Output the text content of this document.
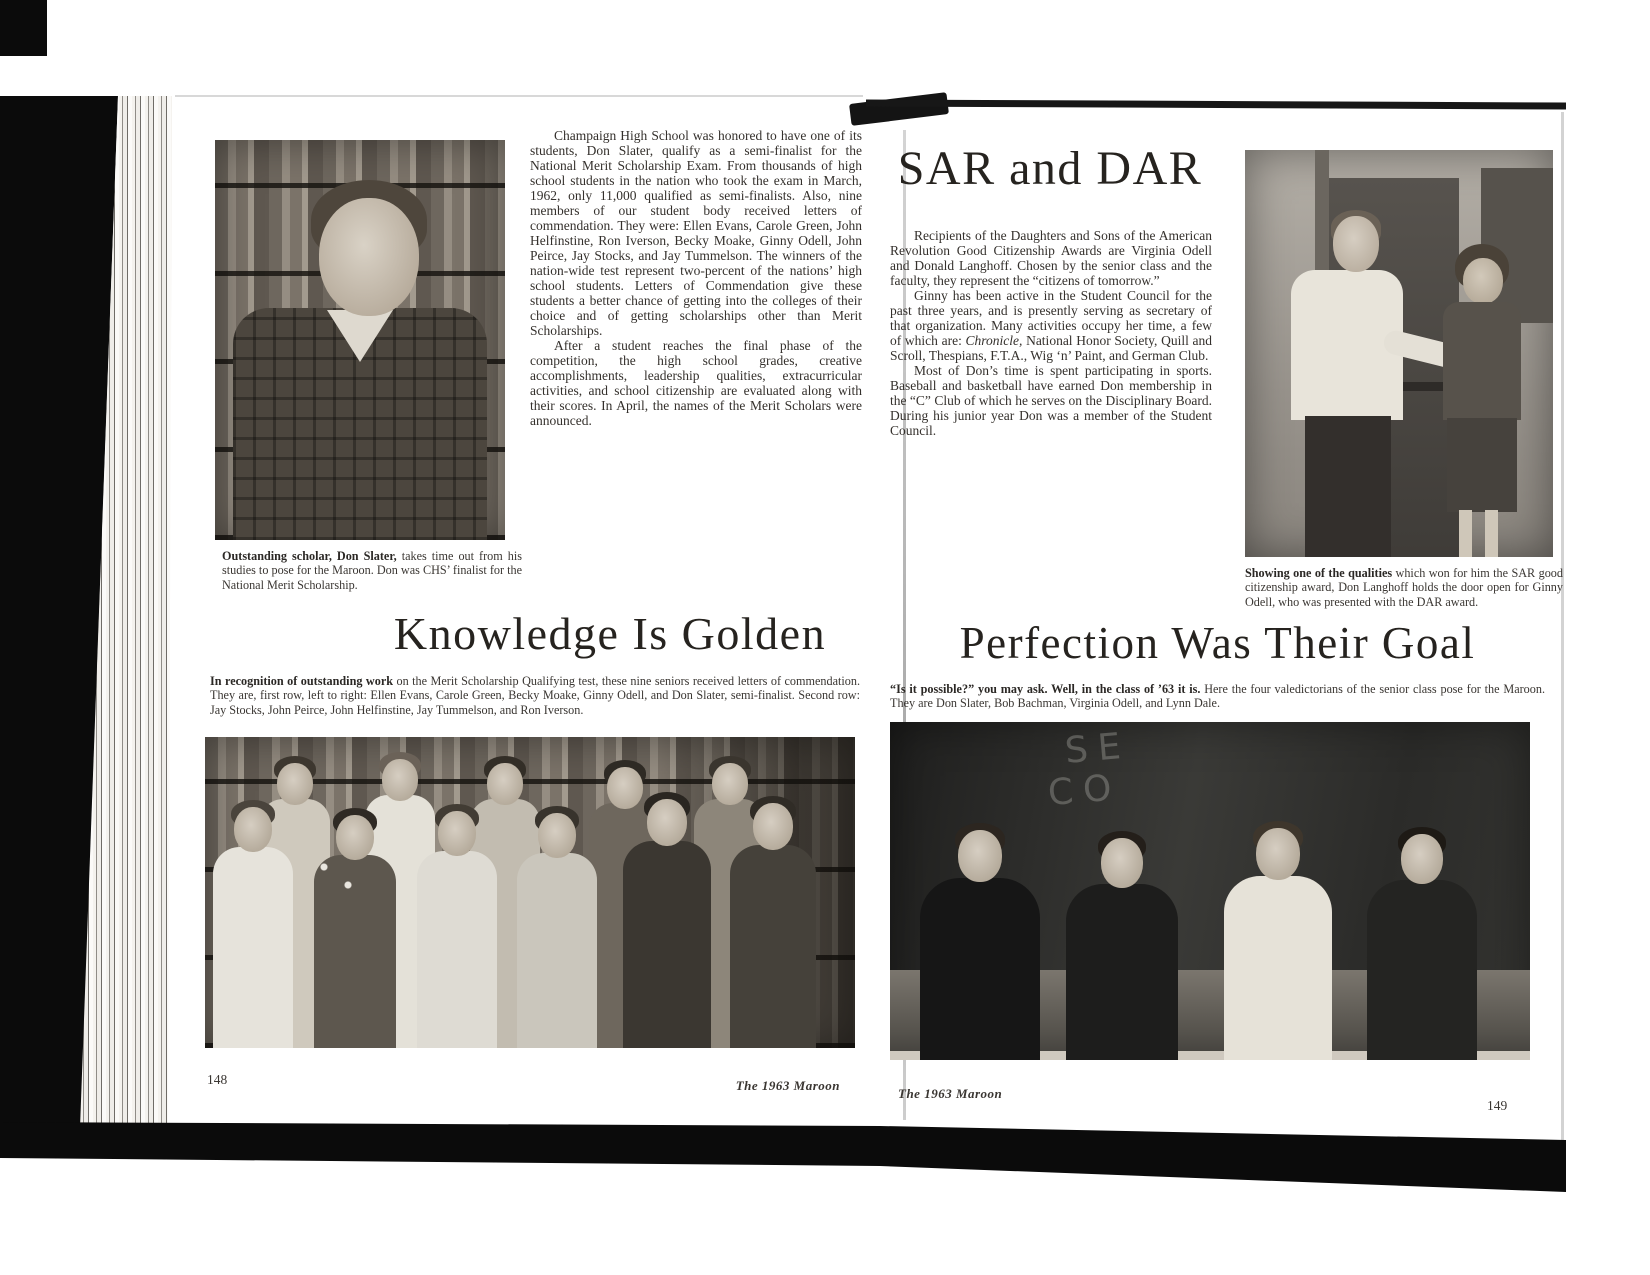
Champaign High School was honored to have one of its students, Don Slater, qualify as a semi-finalist for the National Merit Scholarship Exam. From thousands of high school students in the nation who took the exam in March, 1962, only 11,000 qualified as semi-finalists. Also, nine members of our student body received letters of commendation. They were: Ellen Evans, Carole Green, John Helfinstine, Ron Iverson, Becky Moake, Ginny Odell, John Peirce, Jay Stocks, and Jay Tummelson. The winners of the nation-wide test represent two-percent of the nations’ high school students. Letters of Commendation give these students a better chance of getting into the colleges of their choice and of getting scholarships other than Merit Scholarships.

After a student reaches the final phase of the competition, the high school grades, creative accomplishments, leadership qualities, extracurricular activities, and school citizenship are evaluated along with their scores. In April, the names of the Merit Scholars were announced.

Outstanding scholar, Don Slater, takes time out from his studies to pose for the Maroon. Don was CHS’ finalist for the National Merit Scholarship.
Knowledge Is Golden
In recognition of outstanding work on the Merit Scholarship Qualifying test, these nine seniors received letters of commendation. They are, first row, left to right: Ellen Evans, Carole Green, Becky Moake, Ginny Odell, and Don Slater, semi-finalist. Second row: Jay Stocks, John Peirce, John Helfinstine, Jay Tummelson, and Ron Iverson.
148	The 1963 Maroon
SAR and DAR

Recipients of the Daughters and Sons of the American Revolution Good Citizenship Awards are Virginia Odell and Donald Langhoff. Chosen by the senior class and the faculty, they represent the “citizens of tomorrow.”

Ginny has been active in the Student Council for the past three years, and is presently serving as secretary of that organization. Many activities occupy her time, a few of which are: Chronicle, National Honor Society, Quill and Scroll, Thespians, F.T.A., Wig ‘n’ Paint, and German Club.

Most of Don’s time is spent participating in sports. Baseball and basketball have earned Don membership in the “C” Club of which he serves on the Disciplinary Board. During his junior year Don was a member of the Student Council.

Showing one of the qualities which won for him the SAR good citizenship award, Don Langhoff holds the door open for Ginny Odell, who was presented with the DAR award.
Perfection Was Their Goal
“Is it possible?” you may ask. Well, in the class of ’63 it is. Here the four valedictorians of the senior class pose for the Maroon. They are Don Slater, Bob Bachman, Virginia Odell, and Lynn Dale.
SE
CO
The 1963 Maroon
149
